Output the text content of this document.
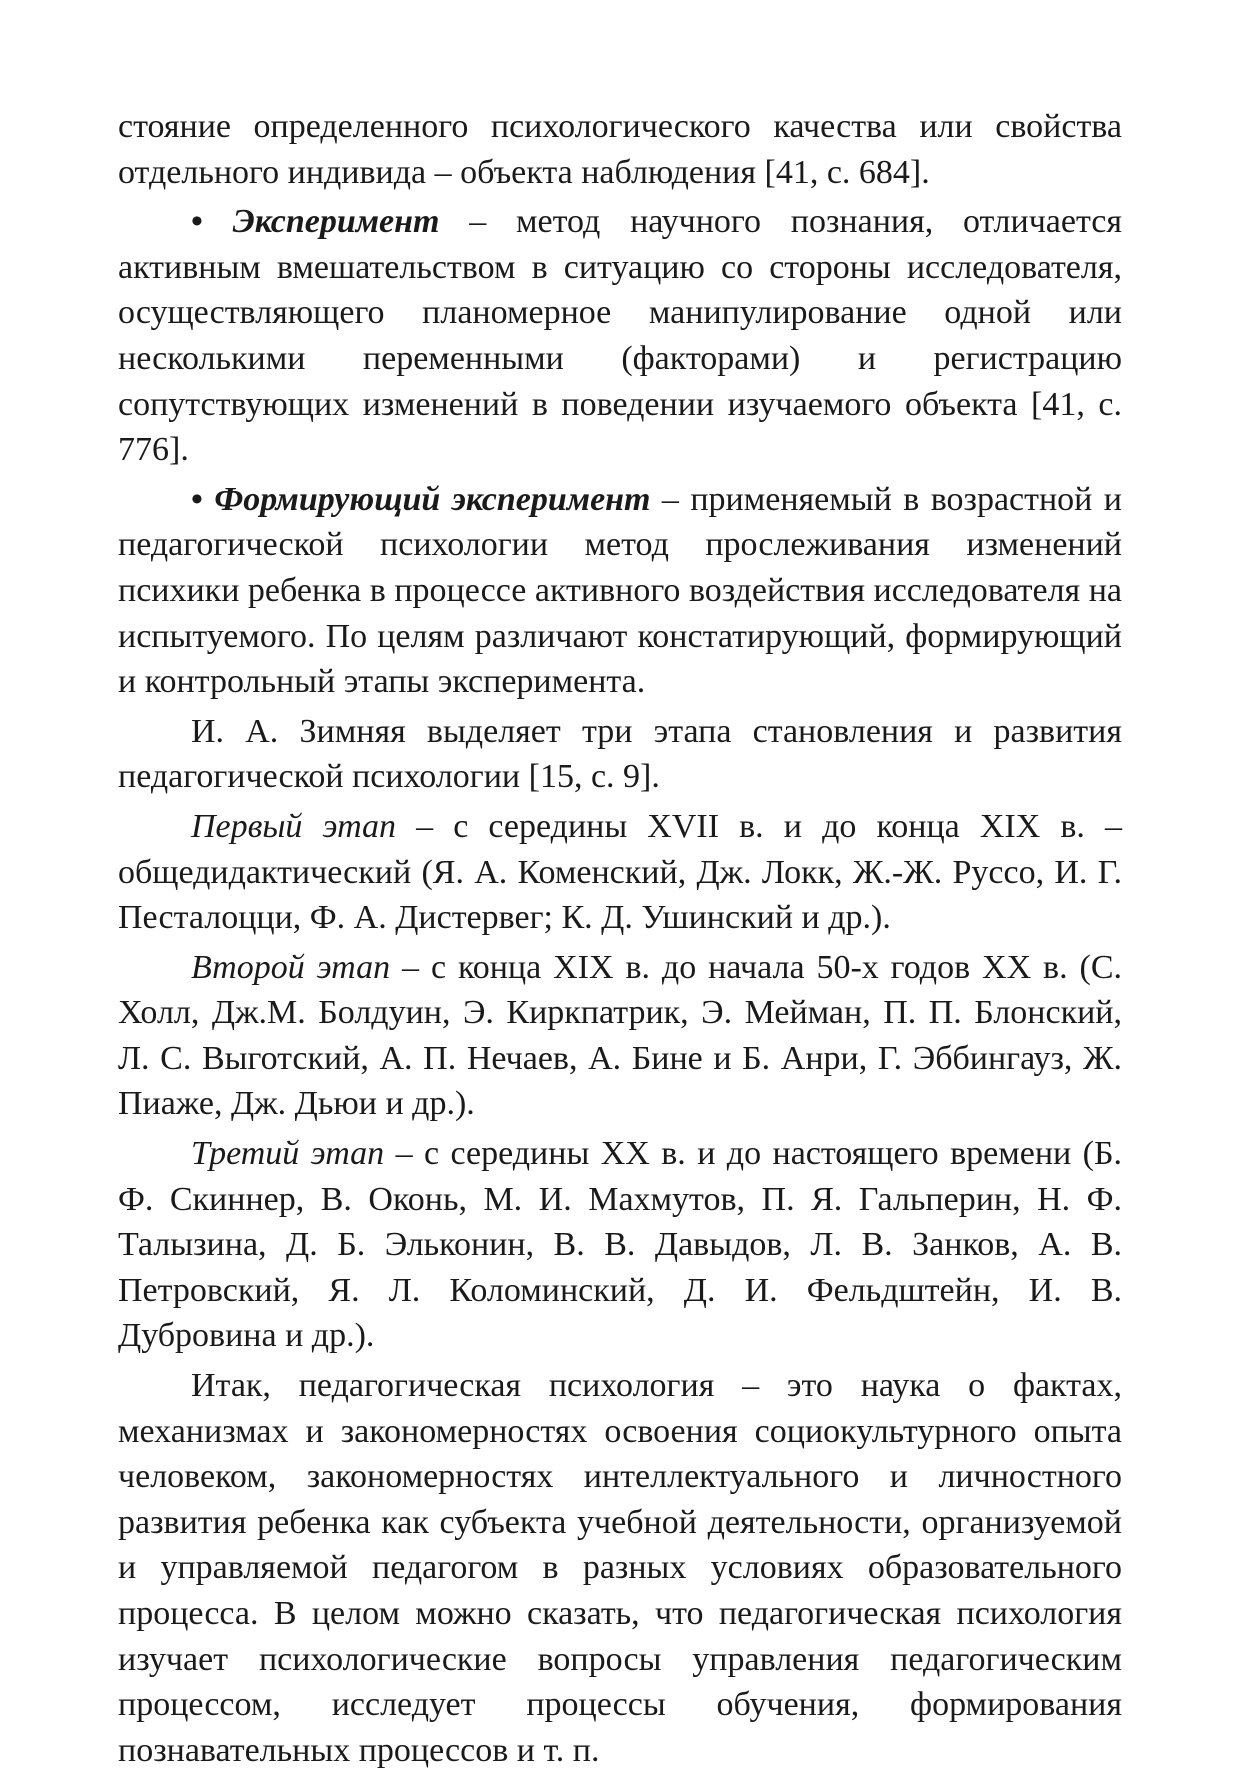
стояние определенного психологического качества или свойства отдельного индивида – объекта наблюдения [41, с. 684].

• Эксперимент – метод научного познания, отличается активным вмешательством в ситуацию со стороны исследователя, осуществляющего планомерное манипулирование одной или несколькими переменными (факторами) и регистрацию сопутствующих изменений в поведении изучаемого объекта [41, с. 776].

• Формирующий эксперимент – применяемый в возрастной и педагогической психологии метод прослеживания изменений психики ребенка в процессе активного воздействия исследователя на испытуемого. По целям различают констатирующий, формирующий и контрольный этапы эксперимента.

И. А. Зимняя выделяет три этапа становления и развития педагогической психологии [15, с. 9].

Первый этап – с середины XVII в. и до конца XIX в. – общедидактический (Я. А. Коменский, Дж. Локк, Ж.-Ж. Руссо, И. Г. Песталоцци, Ф. А. Дистервег; К. Д. Ушинский и др.).

Второй этап – с конца XIX в. до начала 50-х годов XX в. (С. Холл, Дж.М. Болдуин, Э. Киркпатрик, Э. Мейман, П. П. Блонский, Л. С. Выготский, А. П. Нечаев, А. Бине и Б. Анри, Г. Эббингауз, Ж. Пиаже, Дж. Дьюи и др.).

Третий этап – с середины XX в. и до настоящего времени (Б. Ф. Скиннер, В. Оконь, М. И. Махмутов, П. Я. Гальперин, Н. Ф. Талызина, Д. Б. Эльконин, В. В. Давыдов, Л. В. Занков, А. В. Петровский, Я. Л. Коломинский, Д. И. Фельдштейн, И. В. Дубровина и др.).

Итак, педагогическая психология – это наука о фактах, механизмах и закономерностях освоения социокультурного опыта человеком, закономерностях интеллектуального и личностного развития ребенка как субъекта учебной деятельности, организуемой и управляемой педагогом в разных условиях образовательного процесса. В целом можно сказать, что педагогическая психология изучает психологические вопросы управления педагогическим процессом, исследует процессы обучения, формирования познавательных процессов и т. п.
